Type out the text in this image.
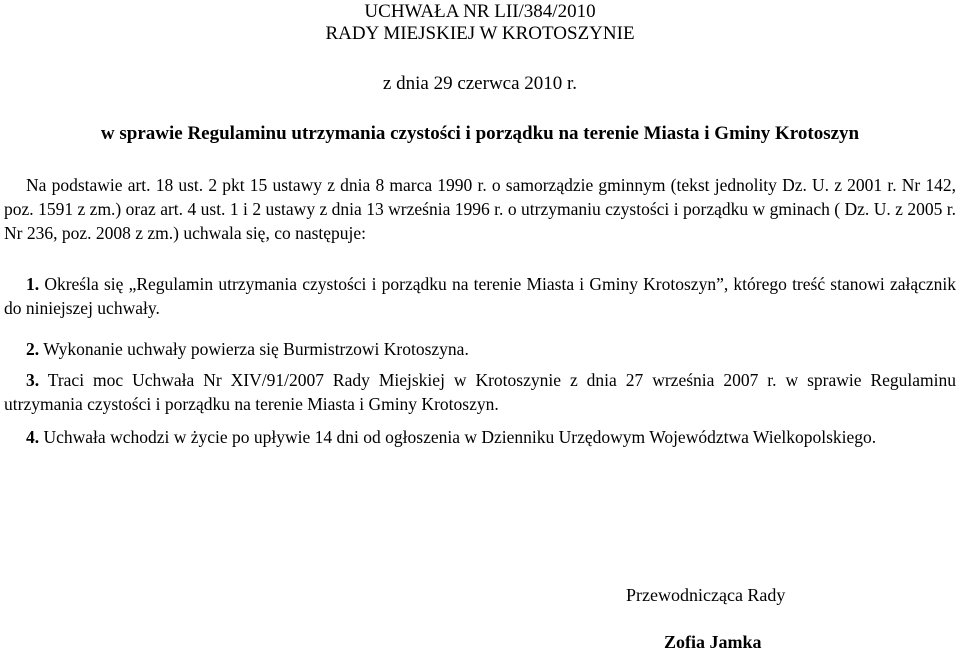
UCHWAŁA NR LII/384/2010
RADY MIEJSKIEJ W KROTOSZYNIE
z dnia 29 czerwca 2010 r.
w sprawie Regulaminu utrzymania czystości i porządku na terenie Miasta i Gminy Krotoszyn
Na podstawie art. 18 ust. 2 pkt 15 ustawy z dnia 8 marca 1990 r. o samorządzie gminnym (tekst jednolity Dz. U. z 2001 r. Nr 142, poz. 1591 z zm.) oraz art. 4 ust. 1 i 2 ustawy z dnia 13 września 1996 r. o utrzymaniu czystości i porządku w gminach ( Dz. U. z 2005 r. Nr 236, poz. 2008 z zm.) uchwala się, co następuje:
1. Określa się „Regulamin utrzymania czystości i porządku na terenie Miasta i Gminy Krotoszyn”, którego treść stanowi załącznik do niniejszej uchwały.
2. Wykonanie uchwały powierza się Burmistrzowi Krotoszyna.
3. Traci moc Uchwała Nr XIV/91/2007 Rady Miejskiej w Krotoszynie z dnia 27 września 2007 r. w sprawie Regulaminu utrzymania czystości i porządku na terenie Miasta i Gminy Krotoszyn.
4. Uchwała wchodzi w życie po upływie 14 dni od ogłoszenia w Dzienniku Urzędowym Województwa Wielkopolskiego.
Przewodnicząca Rady
Zofia Jamka
